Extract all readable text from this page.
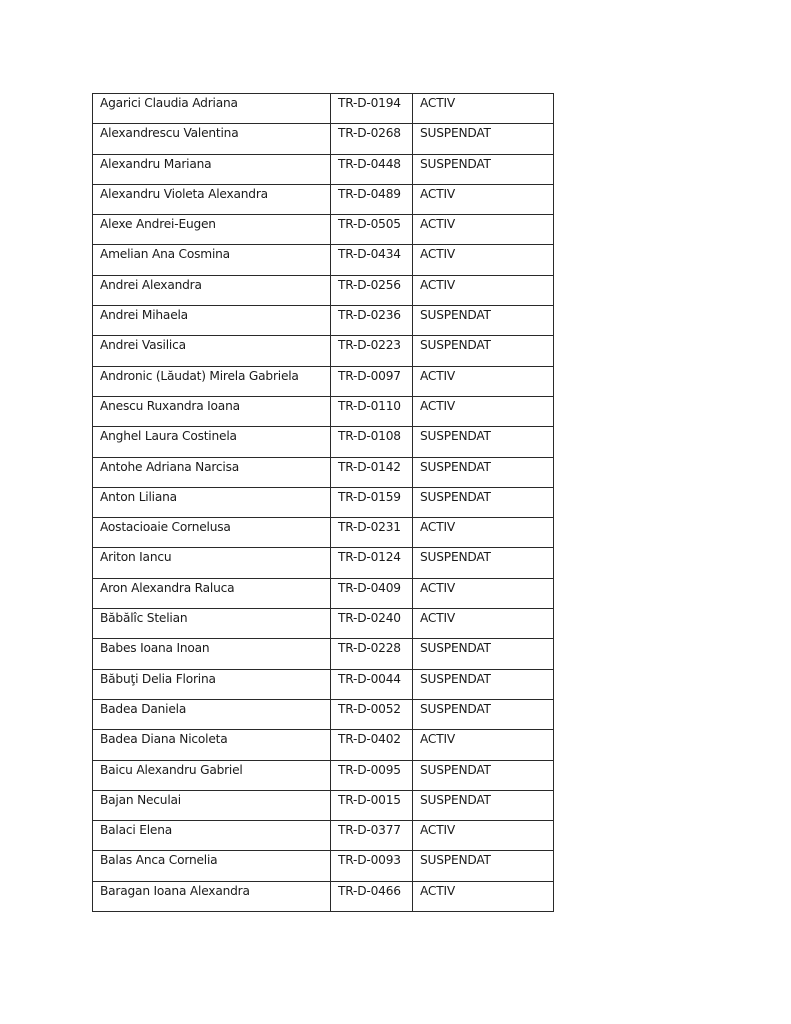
Agarici Claudia Adriana	TR-D-0194	ACTIV
Alexandrescu Valentina	TR-D-0268	SUSPENDAT
Alexandru Mariana	TR-D-0448	SUSPENDAT
Alexandru Violeta Alexandra	TR-D-0489	ACTIV
Alexe Andrei-Eugen	TR-D-0505	ACTIV
Amelian Ana Cosmina	TR-D-0434	ACTIV
Andrei Alexandra	TR-D-0256	ACTIV
Andrei Mihaela	TR-D-0236	SUSPENDAT
Andrei Vasilica	TR-D-0223	SUSPENDAT
Andronic (Lăudat) Mirela Gabriela	TR-D-0097	ACTIV
Anescu Ruxandra Ioana	TR-D-0110	ACTIV
Anghel Laura Costinela	TR-D-0108	SUSPENDAT
Antohe Adriana Narcisa	TR-D-0142	SUSPENDAT
Anton Liliana	TR-D-0159	SUSPENDAT
Aostacioaie Cornelusa	TR-D-0231	ACTIV
Ariton Iancu	TR-D-0124	SUSPENDAT
Aron Alexandra Raluca	TR-D-0409	ACTIV
Băbălîc Stelian	TR-D-0240	ACTIV
Babes Ioana Inoan	TR-D-0228	SUSPENDAT
Băbuţi Delia Florina	TR-D-0044	SUSPENDAT
Badea Daniela	TR-D-0052	SUSPENDAT
Badea Diana Nicoleta	TR-D-0402	ACTIV
Baicu Alexandru Gabriel	TR-D-0095	SUSPENDAT
Bajan Neculai	TR-D-0015	SUSPENDAT
Balaci Elena	TR-D-0377	ACTIV
Balas Anca Cornelia	TR-D-0093	SUSPENDAT
Baragan Ioana Alexandra	TR-D-0466	ACTIV
